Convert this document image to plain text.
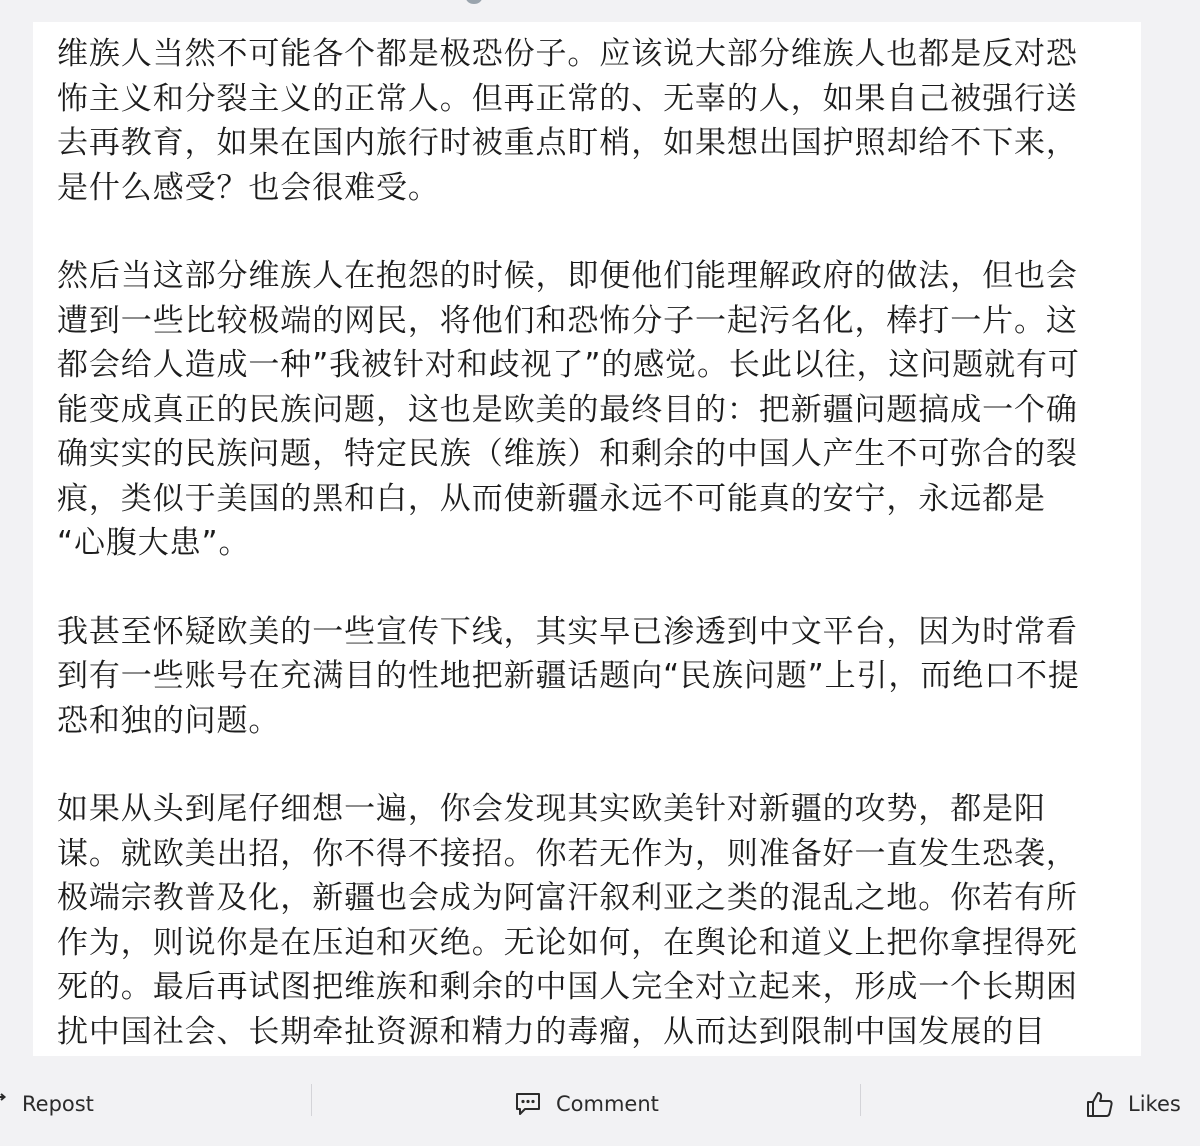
维族人当然不可能各个都是极恐份子。应该说大部分维族人也都是反对恐
怖主义和分裂主义的正常人。但再正常的、无辜的人，如果自己被强行送
去再教育，如果在国内旅行时被重点盯梢，如果想出国护照却给不下来，
是什么感受？也会很难受。

然后当这部分维族人在抱怨的时候，即便他们能理解政府的做法，但也会
遭到一些比较极端的网民，将他们和恐怖分子一起污名化，棒打一片。这
都会给人造成一种”我被针对和歧视了”的感觉。长此以往，这问题就有可
能变成真正的民族问题，这也是欧美的最终目的：把新疆问题搞成一个确
确实实的民族问题，特定民族（维族）和剩余的中国人产生不可弥合的裂
痕，类似于美国的黑和白，从而使新疆永远不可能真的安宁，永远都是
“心腹大患”。

我甚至怀疑欧美的一些宣传下线，其实早已渗透到中文平台，因为时常看
到有一些账号在充满目的性地把新疆话题向“民族问题”上引，而绝口不提
恐和独的问题。

如果从头到尾仔细想一遍，你会发现其实欧美针对新疆的攻势，都是阳
谋。就欧美出招，你不得不接招。你若无作为，则准备好一直发生恐袭，
极端宗教普及化，新疆也会成为阿富汗叙利亚之类的混乱之地。你若有所
作为，则说你是在压迫和灭绝。无论如何，在舆论和道义上把你拿捏得死
死的。最后再试图把维族和剩余的中国人完全对立起来，形成一个长期困
扰中国社会、长期牵扯资源和精力的毒瘤，从而达到限制中国发展的目

Repost	Comment	Likes
